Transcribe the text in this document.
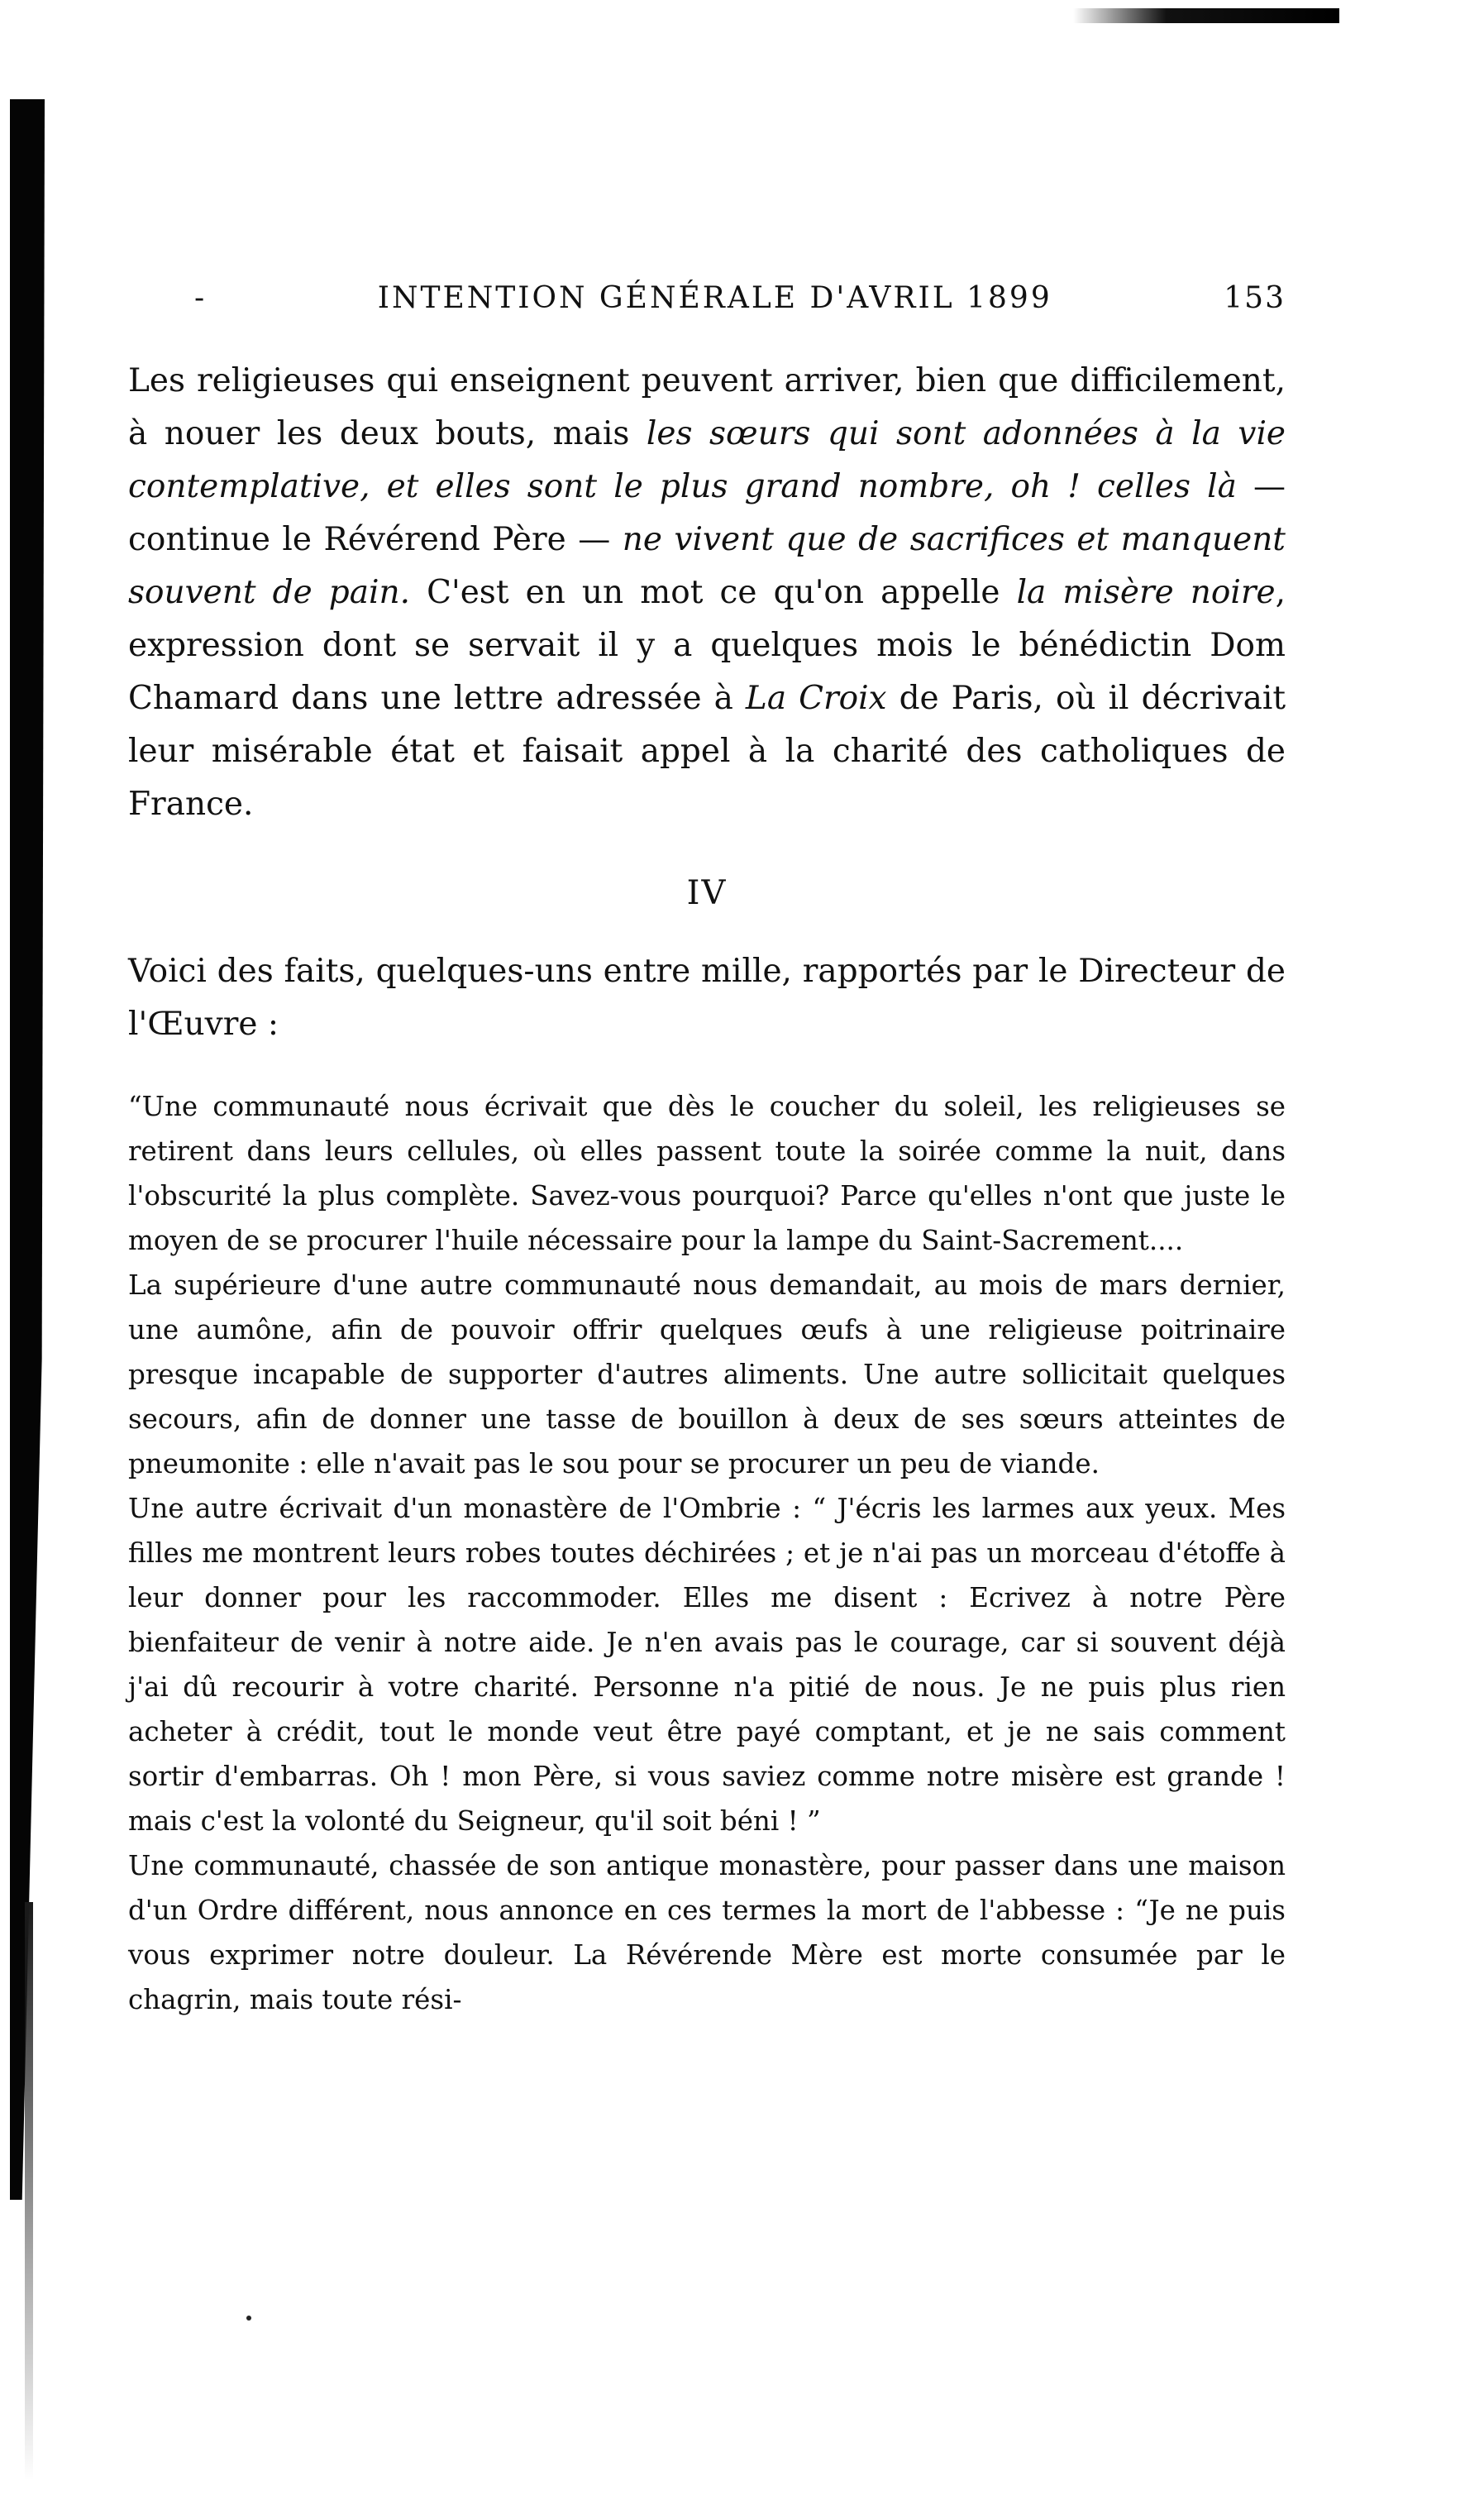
-	INTENTION GÉNÉRALE D'AVRIL 1899	153

Les religieuses qui enseignent peuvent arriver, bien que difficilement, à nouer les deux bouts, mais les sœurs qui sont adonnées à la vie contemplative, et elles sont le plus grand nombre, oh ! celles là — continue le Révérend Père — ne vivent que de sacrifices et manquent souvent de pain. C'est en un mot ce qu'on appelle la misère noire, expression dont se servait il y a quelques mois le bénédictin Dom Chamard dans une lettre adressée à La Croix de Paris, où il décrivait leur misérable état et faisait appel à la charité des catholiques de France.

IV

Voici des faits, quelques-uns entre mille, rapportés par le Directeur de l'Œuvre :

“Une communauté nous écrivait que dès le coucher du soleil, les religieuses se retirent dans leurs cellules, où elles passent toute la soirée comme la nuit, dans l'obscurité la plus complète. Savez-vous pourquoi? Parce qu'elles n'ont que juste le moyen de se procurer l'huile nécessaire pour la lampe du Saint-Sacrement....

La supérieure d'une autre communauté nous demandait, au mois de mars dernier, une aumône, afin de pouvoir offrir quelques œufs à une religieuse poitrinaire presque incapable de supporter d'autres aliments. Une autre sollicitait quelques secours, afin de donner une tasse de bouillon à deux de ses sœurs atteintes de pneumonite : elle n'avait pas le sou pour se procurer un peu de viande.

Une autre écrivait d'un monastère de l'Ombrie : “ J'écris les larmes aux yeux. Mes filles me montrent leurs robes toutes déchirées ; et je n'ai pas un morceau d'étoffe à leur donner pour les raccommoder. Elles me disent : Ecrivez à notre Père bienfaiteur de venir à notre aide. Je n'en avais pas le courage, car si souvent déjà j'ai dû recourir à votre charité. Personne n'a pitié de nous. Je ne puis plus rien acheter à crédit, tout le monde veut être payé comptant, et je ne sais comment sortir d'embarras. Oh ! mon Père, si vous saviez comme notre misère est grande ! mais c'est la volonté du Seigneur, qu'il soit béni ! ”

Une communauté, chassée de son antique monastère, pour passer dans une maison d'un Ordre différent, nous annonce en ces termes la mort de l'abbesse : “Je ne puis vous exprimer notre douleur. La Révérende Mère est morte consumée par le chagrin, mais toute rési-
